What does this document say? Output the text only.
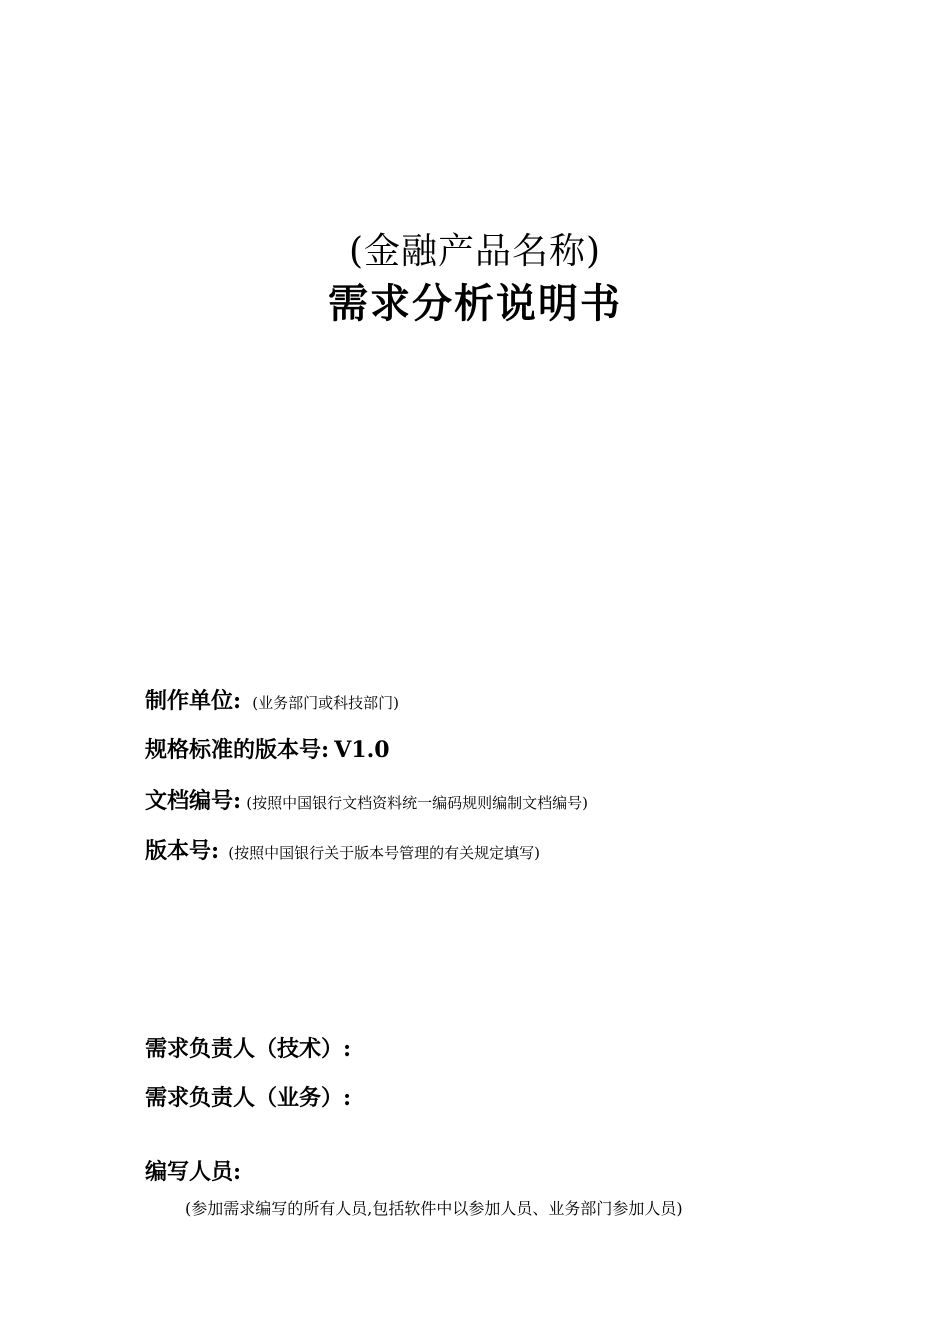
(金融产品名称)
需求分析说明书
制作单位: (业务部门或科技部门)
规格标准的版本号: V1.0
文档编号: (按照中国银行文档资料统一编码规则编制文档编号)
版本号: (按照中国银行关于版本号管理的有关规定填写)
需求负责人（技术）:
需求负责人（业务）:
编写人员:
(参加需求编写的所有人员,包括软件中以参加人员、业务部门参加人员)
